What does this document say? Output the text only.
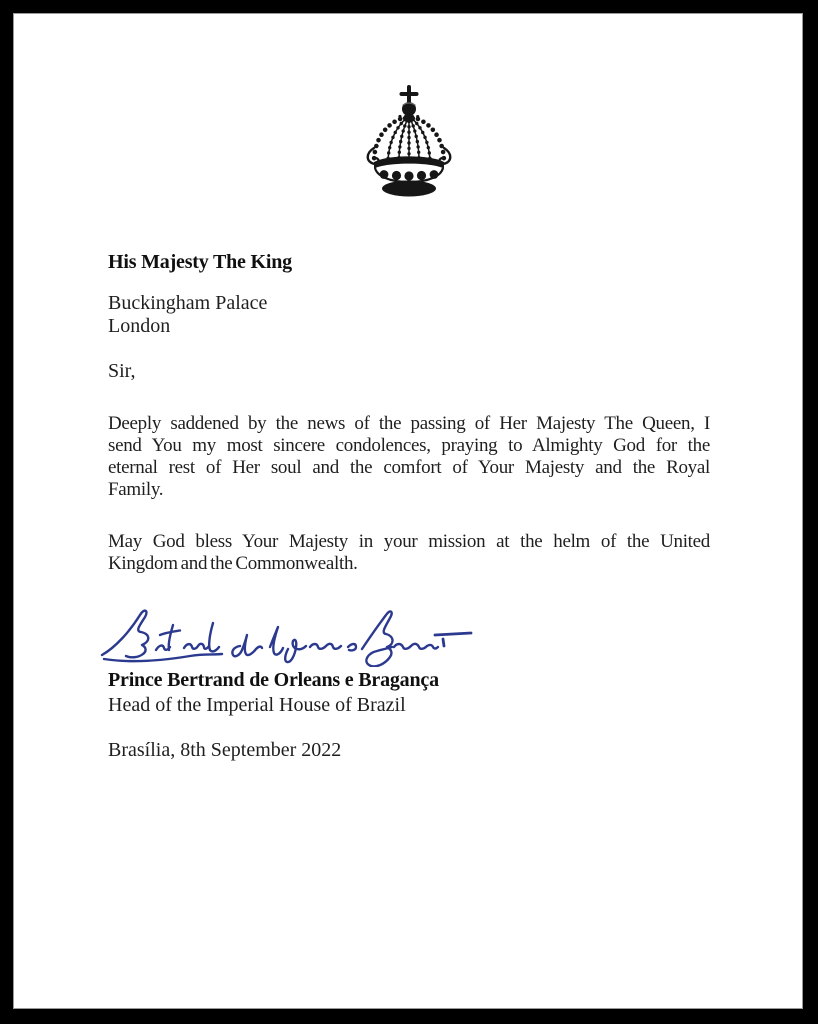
His Majesty The King
Buckingham Palace
London
Sir,
Deeply saddened by the news of the passing of Her Majesty The Queen, I
send You my most sincere condolences, praying to Almighty God for the
eternal rest of Her soul and the comfort of Your Majesty and the Royal
Family.
May God bless Your Majesty in your mission at the helm of the United
Kingdom and the Commonwealth.
Prince Bertrand de Orleans e Bragança
Head of the Imperial House of Brazil
Brasília, 8th September 2022
